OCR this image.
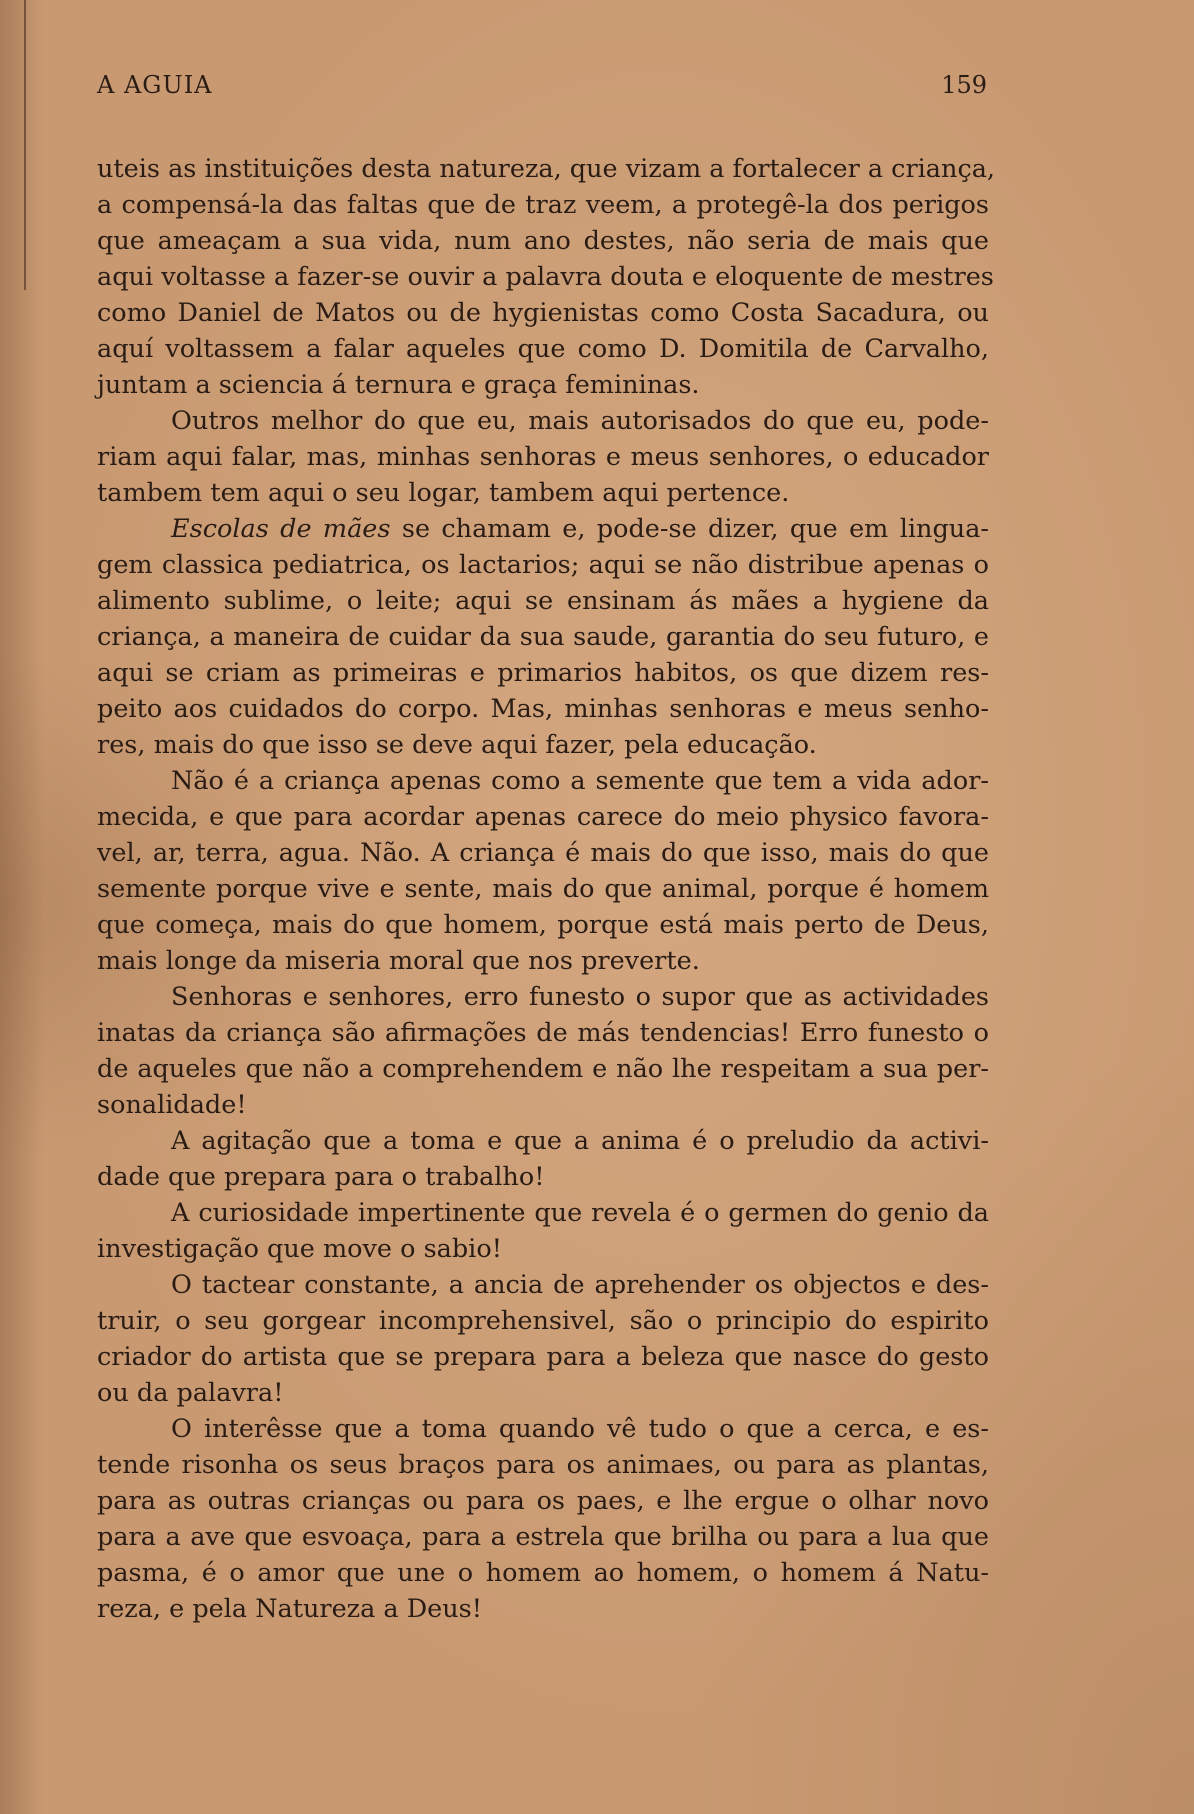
A AGUIA	159
uteis as instituições desta natureza, que vizam a fortalecer a criança,
a compensá-la das faltas que de traz veem, a protegê-la dos perigos
que ameaçam a sua vida, num ano destes, não seria de mais que
aqui voltasse a fazer-se ouvir a palavra douta e eloquente de mestres
como Daniel de Matos ou de hygienistas como Costa Sacadura, ou
aquí voltassem a falar aqueles que como D. Domitila de Carvalho,
juntam a sciencia á ternura e graça femininas.
Outros melhor do que eu, mais autorisados do que eu, pode-
riam aqui falar, mas, minhas senhoras e meus senhores, o educador
tambem tem aqui o seu logar, tambem aqui pertence.
Escolas de mães se chamam e, pode-se dizer, que em lingua-
gem classica pediatrica, os lactarios; aqui se não distribue apenas o
alimento sublime, o leite; aqui se ensinam ás mães a hygiene da
criança, a maneira de cuidar da sua saude, garantia do seu futuro, e
aqui se criam as primeiras e primarios habitos, os que dizem res-
peito aos cuidados do corpo. Mas, minhas senhoras e meus senho-
res, mais do que isso se deve aqui fazer, pela educação.
Não é a criança apenas como a semente que tem a vida ador-
mecida, e que para acordar apenas carece do meio physico favora-
vel, ar, terra, agua. Não. A criança é mais do que isso, mais do que
semente porque vive e sente, mais do que animal, porque é homem
que começa, mais do que homem, porque está mais perto de Deus,
mais longe da miseria moral que nos preverte.
Senhoras e senhores, erro funesto o supor que as actividades
inatas da criança são afirmações de más tendencias! Erro funesto o
de aqueles que não a comprehendem e não lhe respeitam a sua per-
sonalidade!
A agitação que a toma e que a anima é o preludio da activi-
dade que prepara para o trabalho!
A curiosidade impertinente que revela é o germen do genio da
investigação que move o sabio!
O tactear constante, a ancia de aprehender os objectos e des-
truir, o seu gorgear incomprehensivel, são o principio do espirito
criador do artista que se prepara para a beleza que nasce do gesto
ou da palavra!
O interêsse que a toma quando vê tudo o que a cerca, e es-
tende risonha os seus braços para os animaes, ou para as plantas,
para as outras crianças ou para os paes, e lhe ergue o olhar novo
para a ave que esvoaça, para a estrela que brilha ou para a lua que
pasma, é o amor que une o homem ao homem, o homem á Natu-
reza, e pela Natureza a Deus!
